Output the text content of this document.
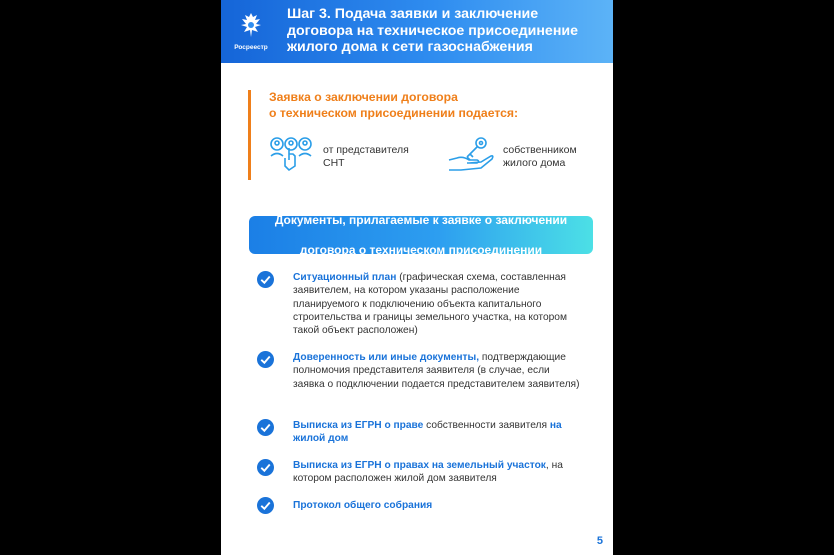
Росреестр
Шаг 3. Подача заявки и заключение
договора на техническое присоединение
жилого дома к сети газоснабжения
Заявка о заключении договора
о техническом присоединении подается:
от представителя
СНТ
собственником
жилого дома
Документы, прилагаемые к заявке о заключении

договора о техническом присоединении
Ситуационный план (графическая схема, составленная заявителем, на котором указаны расположение планируемого к подключению объекта капитального строительства и границы земельного участка, на котором такой объект расположен)
Доверенность или иные документы, подтверждающие полномочия представителя заявителя (в случае, если заявка о подключении подается представителем заявителя)
Выписка из ЕГРН о праве собственности заявителя на жилой дом
Выписка из ЕГРН о правах на земельный участок, на котором расположен жилой дом заявителя
Протокол общего собрания
5
